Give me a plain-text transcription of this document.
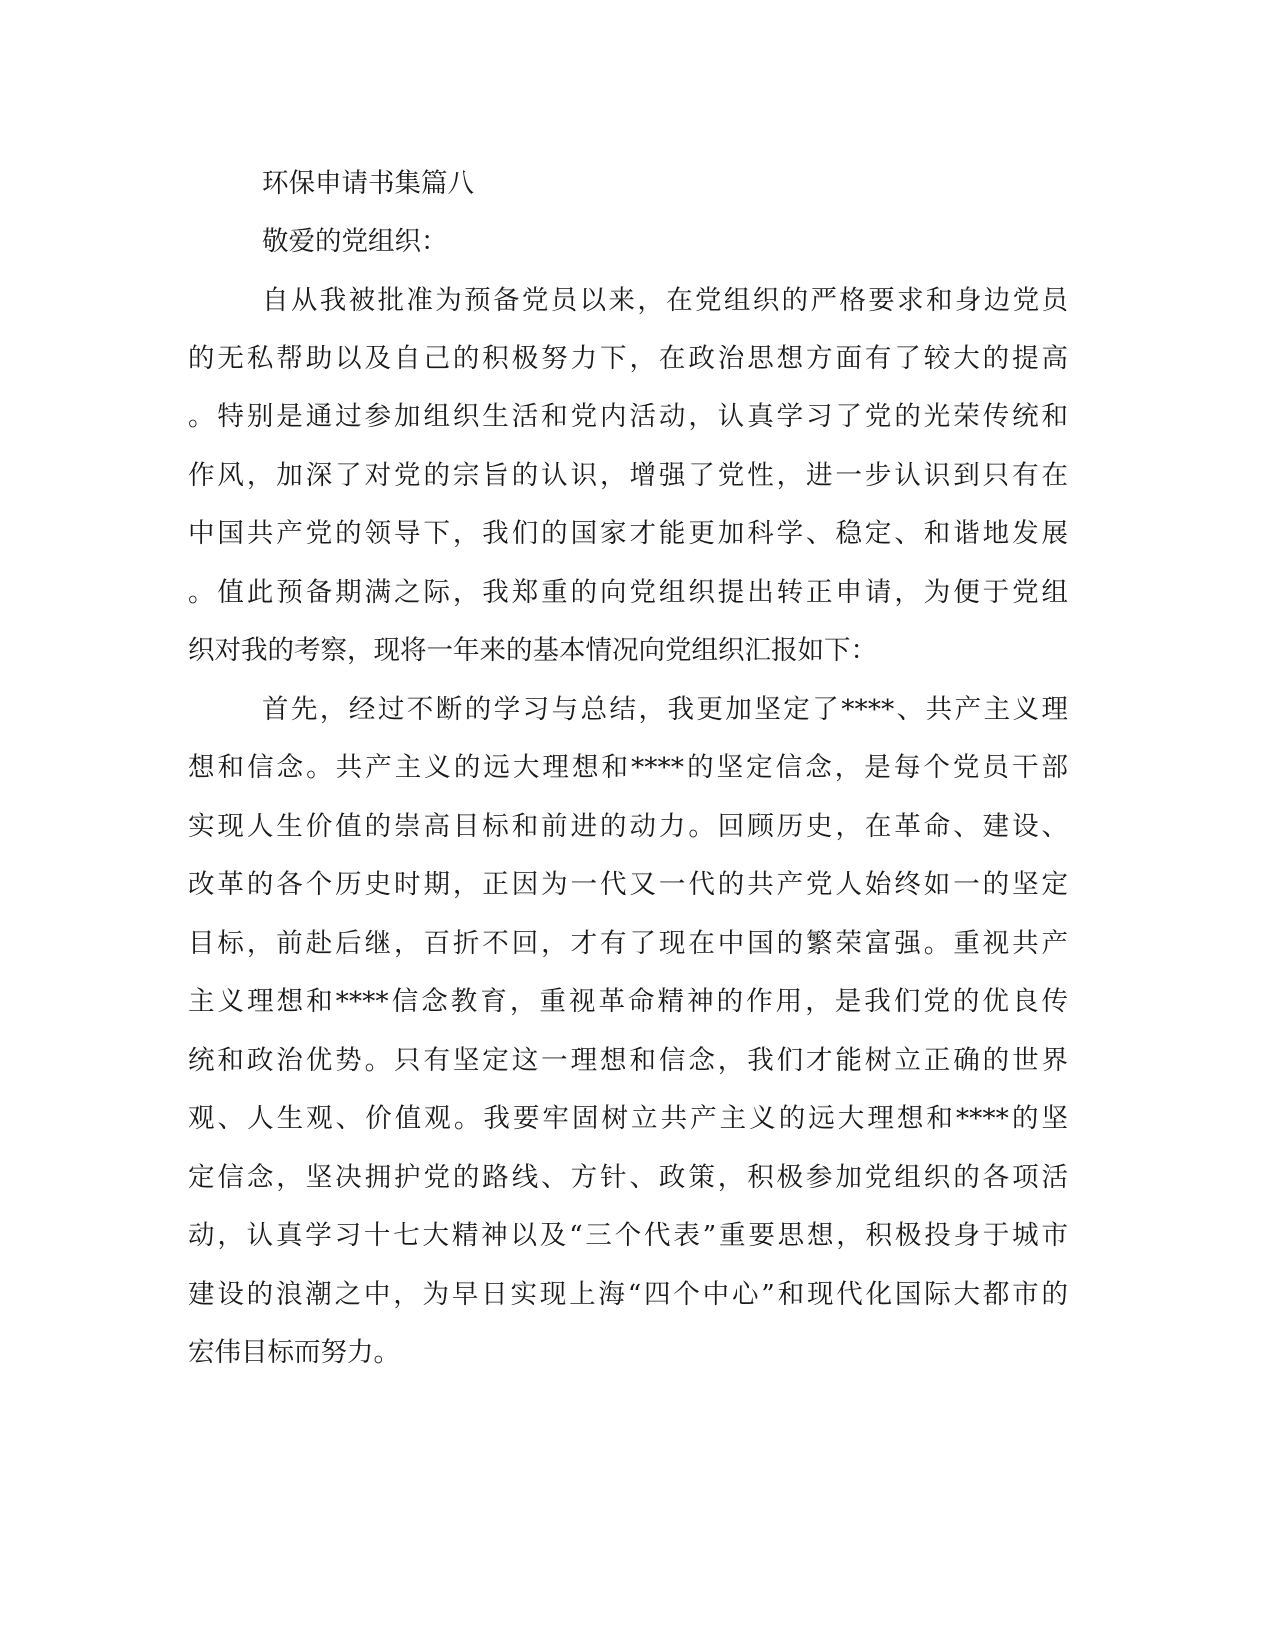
环保申请书集篇八

敬爱的党组织：

自从我被批准为预备党员以来，在党组织的严格要求和身边党员

的无私帮助以及自己的积极努力下，在政治思想方面有了较大的提高

。特别是通过参加组织生活和党内活动，认真学习了党的光荣传统和

作风，加深了对党的宗旨的认识，增强了党性，进一步认识到只有在

中国共产党的领导下，我们的国家才能更加科学、稳定、和谐地发展

。值此预备期满之际，我郑重的向党组织提出转正申请，为便于党组

织对我的考察，现将一年来的基本情况向党组织汇报如下：

首先，经过不断的学习与总结，我更加坚定了****、共产主义理

想和信念。共产主义的远大理想和****的坚定信念，是每个党员干部

实现人生价值的崇高目标和前进的动力。回顾历史，在革命、建设、

改革的各个历史时期，正因为一代又一代的共产党人始终如一的坚定

目标，前赴后继，百折不回，才有了现在中国的繁荣富强。重视共产

主义理想和****信念教育，重视革命精神的作用，是我们党的优良传

统和政治优势。只有坚定这一理想和信念，我们才能树立正确的世界

观、人生观、价值观。我要牢固树立共产主义的远大理想和****的坚

定信念，坚决拥护党的路线、方针、政策，积极参加党组织的各项活

动，认真学习十七大精神以及“三个代表”重要思想，积极投身于城市

建设的浪潮之中，为早日实现上海“四个中心”和现代化国际大都市的

宏伟目标而努力。
